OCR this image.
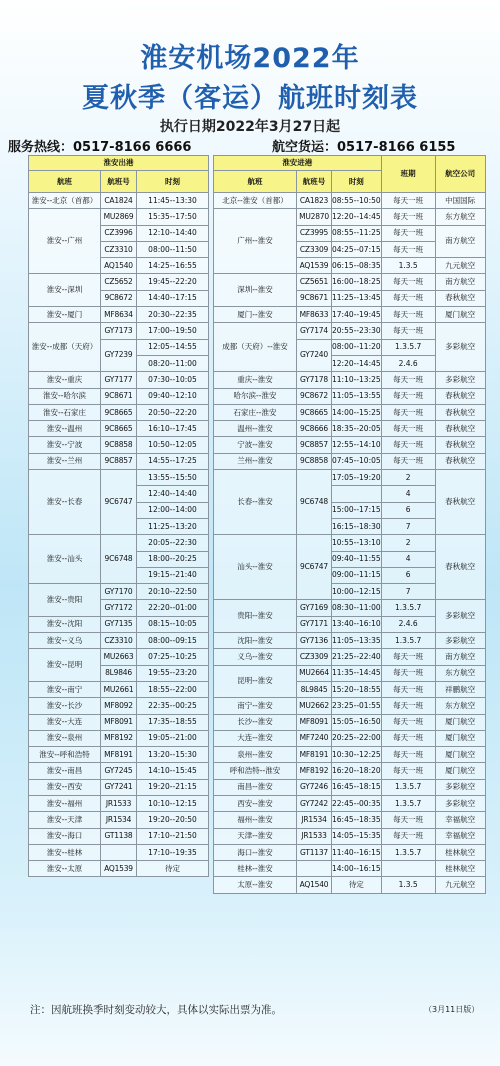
淮安机场2022年
夏秋季（客运）航班时刻表
执行日期2022年3月27日起
服务热线：0517-8166 6666	航空货运：0517-8166 6155
淮安出港		
航班	航班号	时刻
淮安--北京（首都）	CA1824	11:45--13:30
淮安--广州	MU2869	15:35--17:50
	CZ3996	12:10--14:40
	CZ3310	08:00--11:50
	AQ1540	14:25--16:55
淮安--深圳	CZ5652	19:45--22:20
	9C8672	14:40--17:15
淮安--厦门	MF8634	20:30--22:35
淮安--成都（天府）	GY7173	17:00--19:50
	GY7239	12:05--14:55
		08:20--11:00
淮安--重庆	GY7177	07:30--10:05
淮安--哈尔滨	9C8671	09:40--12:10
淮安--石家庄	9C8665	20:50--22:20
淮安--温州	9C8665	16:10--17:45
淮安--宁波	9C8858	10:50--12:05
淮安--兰州	9C8857	14:55--17:25
淮安--长春	9C6747	13:55--15:50
		12:40--14:40
		12:00--14:00
		11:25--13:20
淮安--汕头	9C6748	20:05--22:30
		18:00--20:25
		19:15--21:40
淮安--贵阳	GY7170	20:10--22:50
	GY7172	22:20--01:00
淮安--沈阳	GY7135	08:15--10:05
淮安--义乌	CZ3310	08:00--09:15
淮安--昆明	MU2663	07:25--10:25
	8L9846	19:55--23:20
淮安--南宁	MU2661	18:55--22:00
淮安--长沙	MF8092	22:35--00:25
淮安--大连	MF8091	17:35--18:55
淮安--泉州	MF8192	19:05--21:00
淮安--呼和浩特	MF8191	13:20--15:30
淮安--南昌	GY7245	14:10--15:45
淮安--西安	GY7241	19:20--21:15
淮安--福州	JR1533	10:10--12:15
淮安--天津	JR1534	19:20--20:50
淮安--海口	GT1138	17:10--21:50
淮安--桂林		17:10--19:35
淮安--太原	AQ1539	待定
淮安进港			班期	航空公司
航班	航班号	时刻		
北京--淮安（首都）	CA1823	08:55--10:50	每天一班	中国国际
广州--淮安	MU2870	12:20--14:45	每天一班	东方航空
	CZ3995	08:55--11:25	每天一班	南方航空
	CZ3309	04:25--07:15	每天一班	
	AQ1539	06:15--08:35	1.3.5	九元航空
深圳--淮安	CZ5651	16:00--18:25	每天一班	南方航空
	9C8671	11:25--13:45	每天一班	春秋航空
厦门--淮安	MF8633	17:40--19:45	每天一班	厦门航空
成都（天府）--淮安	GY7174	20:55--23:30	每天一班	多彩航空
	GY7240	08:00--11:20	1.3.5.7	
		12:20--14:45	2.4.6	
重庆--淮安	GY7178	11:10--13:25	每天一班	多彩航空
哈尔滨--淮安	9C8672	11:05--13:55	每天一班	春秋航空
石家庄--淮安	9C8665	14:00--15:25	每天一班	春秋航空
温州--淮安	9C8666	18:35--20:05	每天一班	春秋航空
宁波--淮安	9C8857	12:55--14:10	每天一班	春秋航空
兰州--淮安	9C8858	07:45--10:05	每天一班	春秋航空
长春--淮安	9C6748	17:05--19:20	2	春秋航空
			4	
		15:00--17:15	6	
		16:15--18:30	7	
汕头--淮安	9C6747	10:55--13:10	2	春秋航空
		09:40--11:55	4	
		09:00--11:15	6	
		10:00--12:15	7	
贵阳--淮安	GY7169	08:30--11:00	1.3.5.7	多彩航空
	GY7171	13:40--16:10	2.4.6	
沈阳--淮安	GY7136	11:05--13:35	1.3.5.7	多彩航空
义乌--淮安	CZ3309	21:25--22:40	每天一班	南方航空
昆明--淮安	MU2664	11:35--14:45	每天一班	东方航空
	8L9845	15:20--18:55	每天一班	祥鹏航空
南宁--淮安	MU2662	23:25--01:55	每天一班	东方航空
长沙--淮安	MF8091	15:05--16:50	每天一班	厦门航空
大连--淮安	MF7240	20:25--22:00	每天一班	厦门航空
泉州--淮安	MF8191	10:30--12:25	每天一班	厦门航空
呼和浩特--淮安	MF8192	16:20--18:20	每天一班	厦门航空
南昌--淮安	GY7246	16:45--18:15	1.3.5.7	多彩航空
西安--淮安	GY7242	22:45--00:35	1.3.5.7	多彩航空
福州--淮安	JR1534	16:45--18:35	每天一班	幸福航空
天津--淮安	JR1533	14:05--15:35	每天一班	幸福航空
海口--淮安	GT1137	11:40--16:15	1.3.5.7	桂林航空
桂林--淮安		14:00--16:15		桂林航空
太原--淮安	AQ1540	待定	1.3.5	九元航空
注：因航班换季时刻变动较大，具体以实际出票为准。	（3月11日版）
